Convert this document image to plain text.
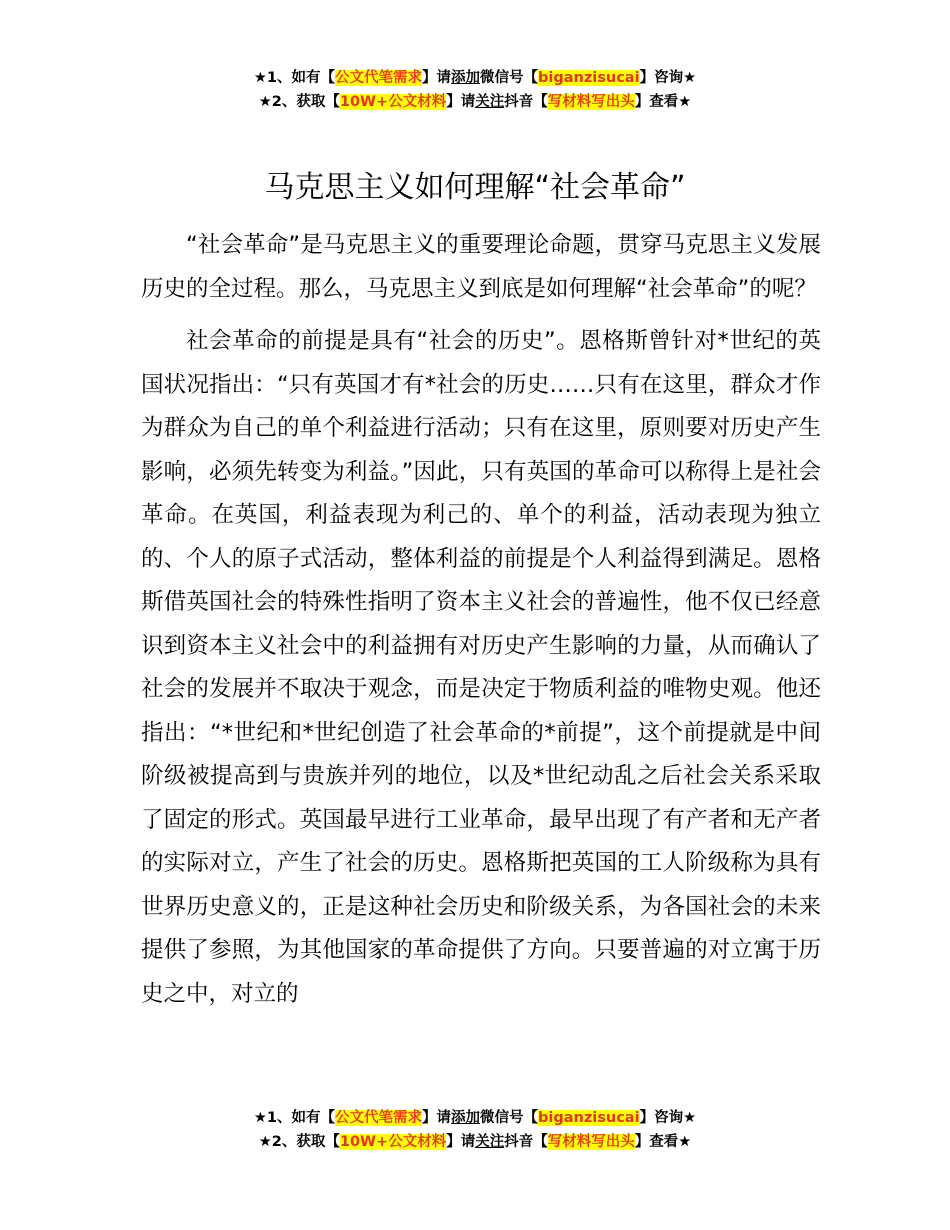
★1、如有【公文代笔需求】请添加微信号【biganzisucai】咨询★
★2、获取【10W+公文材料】请关注抖音【写材料写出头】查看★
马克思主义如何理解“社会革命”

“社会革命”是马克思主义的重要理论命题，贯穿马克思主义发展历史的全过程。那么，马克思主义到底是如何理解“社会革命”的呢？

社会革命的前提是具有“社会的历史”。恩格斯曾针对*世纪的英国状况指出：“只有英国才有*社会的历史……只有在这里，群众才作为群众为自己的单个利益进行活动；只有在这里，原则要对历史产生影响，必须先转变为利益。”因此，只有英国的革命可以称得上是社会革命。在英国，利益表现为利己的、单个的利益，活动表现为独立的、个人的原子式活动，整体利益的前提是个人利益得到满足。恩格斯借英国社会的特殊性指明了资本主义社会的普遍性，他不仅已经意识到资本主义社会中的利益拥有对历史产生影响的力量，从而确认了社会的发展并不取决于观念，而是决定于物质利益的唯物史观。他还指出：“*世纪和*世纪创造了社会革命的*前提”，这个前提就是中间阶级被提高到与贵族并列的地位，以及*世纪动乱之后社会关系采取了固定的形式。英国最早进行工业革命，最早出现了有产者和无产者的实际对立，产生了社会的历史。恩格斯把英国的工人阶级称为具有世界历史意义的，正是这种社会历史和阶级关系，为各国社会的未来提供了参照，为其他国家的革命提供了方向。只要普遍的对立寓于历史之中，对立的

★1、如有【公文代笔需求】请添加微信号【biganzisucai】咨询★
★2、获取【10W+公文材料】请关注抖音【写材料写出头】查看★
